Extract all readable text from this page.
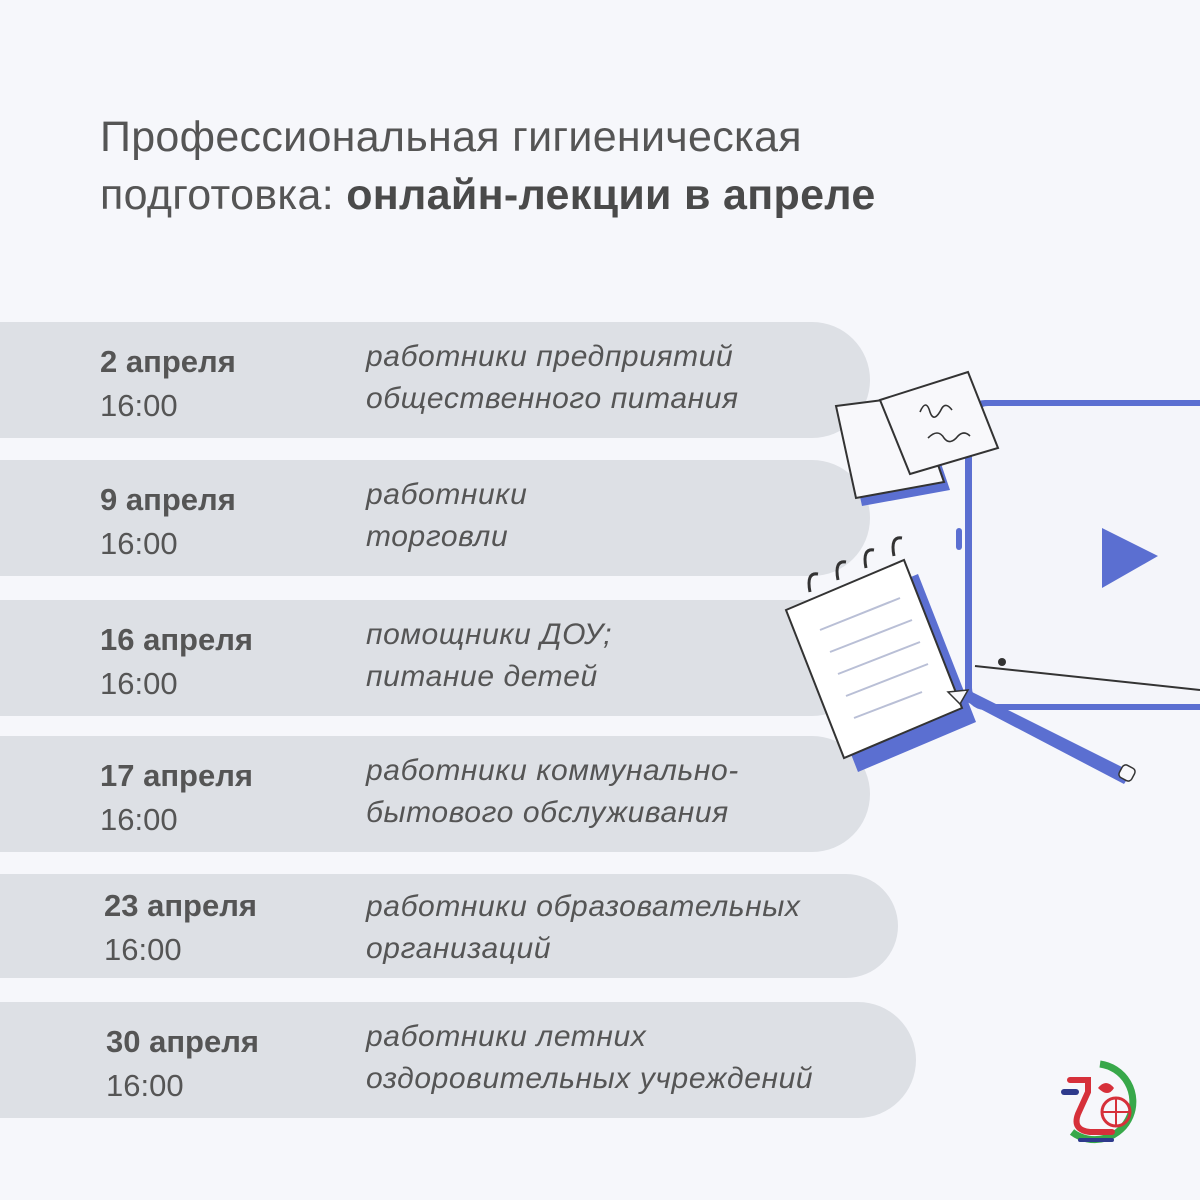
Профессиональная гигиеническая
подготовка: онлайн-лекции в апреле
2 апреля
16:00
работники предприятий
общественного питания
9 апреля
16:00
работники
торговли
16 апреля
16:00
помощники ДОУ;
питание детей
17 апреля
16:00
работники коммунально-
бытового обслуживания
23 апреля
16:00
работники образовательных
организаций
30 апреля
16:00
работники летних
оздоровительных учреждений
